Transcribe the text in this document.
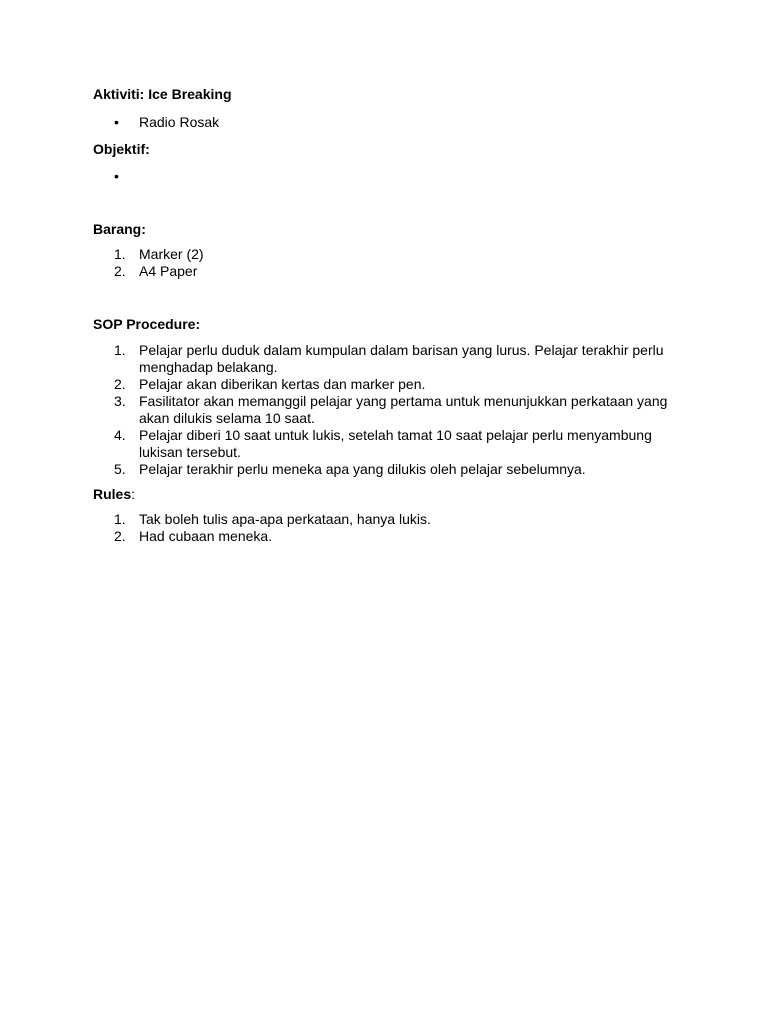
Aktiviti: Ice Breaking

• Radio Rosak

Objektif:

•

Barang:

1. Marker (2)
2. A4 Paper

SOP Procedure:

1. Pelajar perlu duduk dalam kumpulan dalam barisan yang lurus. Pelajar terakhir perlu menghadap belakang.
2. Pelajar akan diberikan kertas dan marker pen.
3. Fasilitator akan memanggil pelajar yang pertama untuk menunjukkan perkataan yang akan dilukis selama 10 saat.
4. Pelajar diberi 10 saat untuk lukis, setelah tamat 10 saat pelajar perlu menyambung lukisan tersebut.
5. Pelajar terakhir perlu meneka apa yang dilukis oleh pelajar sebelumnya.

Rules:

1. Tak boleh tulis apa-apa perkataan, hanya lukis.
2. Had cubaan meneka.
